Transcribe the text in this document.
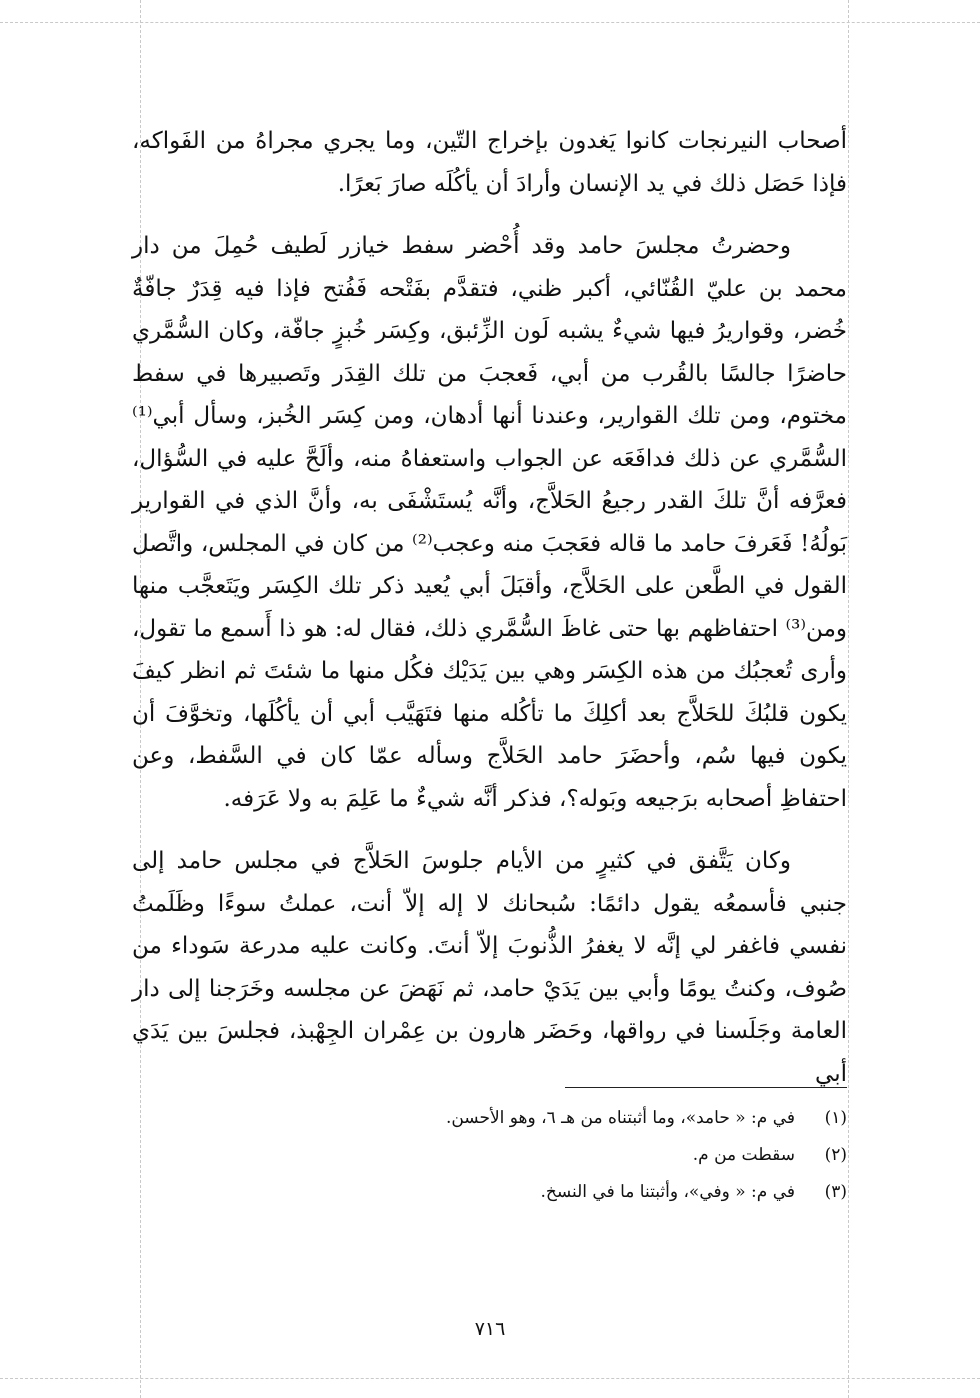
أصحاب النيرنجات كانوا يَغدون بإخراج التّين، وما يجري مجراهُ من الفَواكه، فإذا حَصَل ذلك في يد الإنسان وأرادَ أن يأكُلَه صارَ بَعرًا.

وحضرتُ مجلسَ حامد وقد أُحْضر سفط خيازر لَطيف حُمِلَ من دار محمد بن عليّ القُنّائي، أكبر ظني، فتقدَّم بفَتْحه فَفُتح فإذا فيه قِدَرٌ جافّةٌ خُضر، وقواريرُ فيها شيءٌ يشبه لَون الزِّئبق، وكِسَر خُبزٍ جافّة، وكان السُّمَّري حاضرًا جالسًا بالقُرب من أبي، فَعجبَ من تلك القِدَر وتَصبيرها في سفط مختوم، ومن تلك القوارير، وعندنا أنها أدهان، ومن كِسَر الخُبز، وسأل أبي⁽¹⁾ السُّمَّري عن ذلك فدافَعَه عن الجواب واستعفاهُ منه، وألَحَّ عليه في السُّؤال، فعرَّفه أنَّ تلكَ القدر رجيعُ الحَلاَّج، وأنَّه يُستَشْفَى به، وأنَّ الذي في القوارير بَولُهُ! فَعَرفَ حامد ما قاله فعَجبَ منه وعجب⁽²⁾ من كان في المجلس، واتَّصل القول في الطَّعن على الحَلاَّج، وأقبَلَ أبي يُعيد ذكر تلك الكِسَر ويَتَعجَّب منها ومن⁽³⁾ احتفاظهم بها حتى غاظَ السُّمَّري ذلك، فقال له: هو ذا أَسمع ما تقول، وأرى تُعجبُك من هذه الكِسَر وهي بين يَدَيْك فكُل منها ما شئتَ ثم انظر كيفَ يكون قلبُكَ للحَلاَّج بعد أكلِكَ ما تأكُله منها فتَهَيَّب أبي أن يأكُلَها، وتخوَّفَ أن يكون فيها سُم، وأحضَرَ حامد الحَلاَّج وسأله عمّا كان في السَّفط، وعن احتفاظِ أصحابه برَجيعه وبَوله؟، فذكر أنَّه شيءٌ ما عَلِمَ به ولا عَرَفه.

وكان يَتَّفق في كثيرٍ من الأيام جلوسَ الحَلاَّج في مجلس حامد إلى جنبي فأسمعُه يقول دائمًا: سُبحانك لا إله إلاّ أنت، عملتُ سوءًا وظَلَمتُ نفسي فاغفر لي إنَّه لا يغفرُ الذُّنوبَ إلاّ أنتَ. وكانت عليه مدرعة سَوداء من صُوف، وكنتُ يومًا وأبي بين يَدَيْ حامد، ثم نَهَضَ عن مجلسه وخَرَجنا إلى دار العامة وجَلَسنا في رواقها، وحَضَر هارون بن عِمْران الجِهْبذ، فجلسَ بين يَدَي أبي

(١)
في م: « حامد»، وما أثبتناه من هـ ٦، وهو الأحسن.
(٢)
سقطت من م.
(٣)
في م: « وفي»، وأثبتنا ما في النسخ.
٧١٦
